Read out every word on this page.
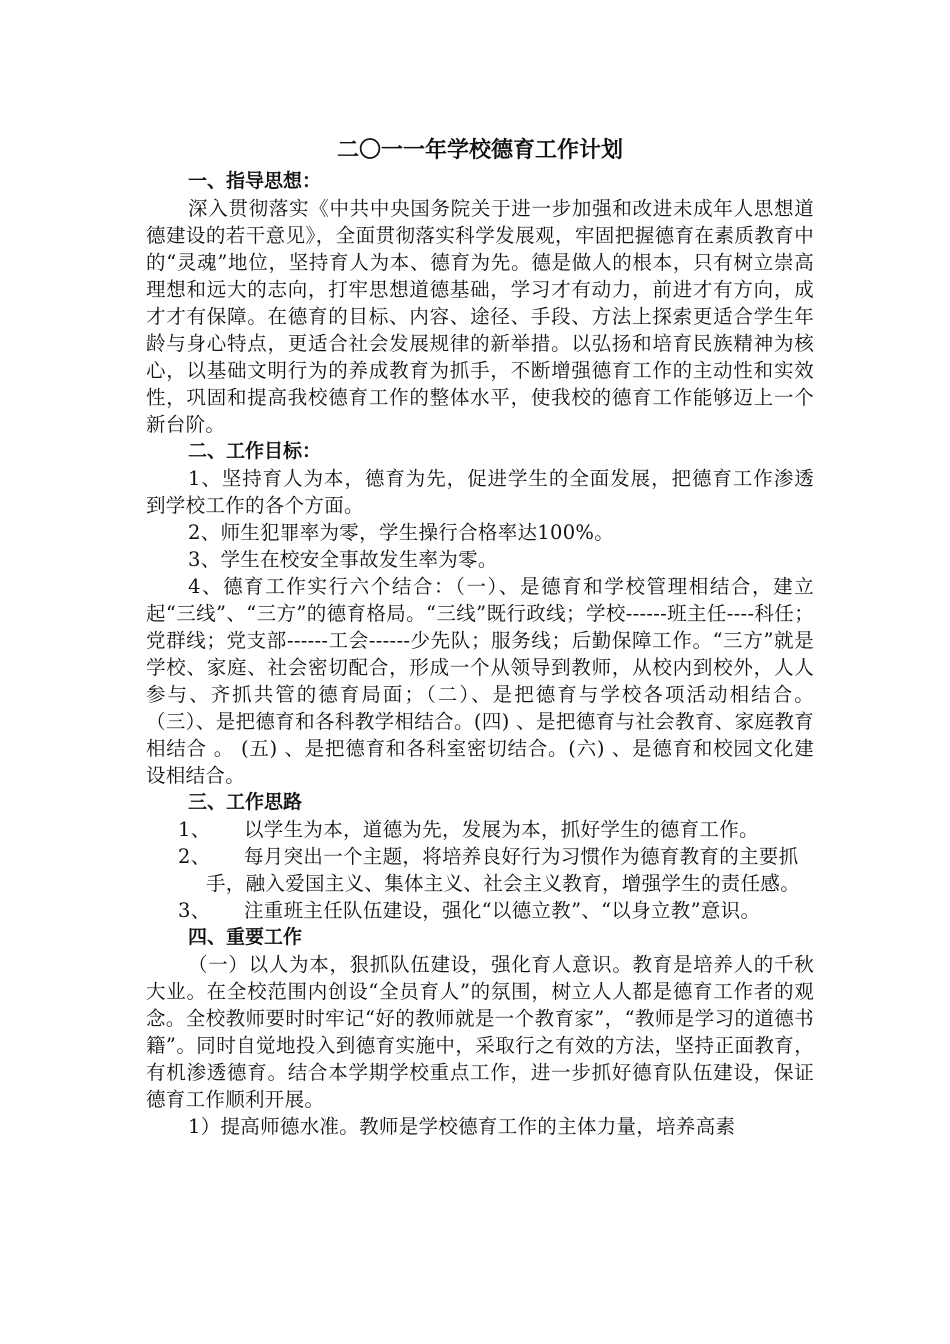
二〇一一年学校德育工作计划

一、指导思想：

深入贯彻落实《中共中央国务院关于进一步加强和改进未成年人思想道德建设的若干意见》，全面贯彻落实科学发展观，牢固把握德育在素质教育中的“灵魂”地位，坚持育人为本、德育为先。德是做人的根本，只有树立崇高理想和远大的志向，打牢思想道德基础，学习才有动力，前进才有方向，成才才有保障。在德育的目标、内容、途径、手段、方法上探索更适合学生年龄与身心特点，更适合社会发展规律的新举措。以弘扬和培育民族精神为核心，以基础文明行为的养成教育为抓手，不断增强德育工作的主动性和实效性，巩固和提高我校德育工作的整体水平，使我校的德育工作能够迈上一个新台阶。

二、工作目标：

1、坚持育人为本，德育为先，促进学生的全面发展，把德育工作渗透到学校工作的各个方面。

2、师生犯罪率为零，学生操行合格率达100%。

3、学生在校安全事故发生率为零。

4、德育工作实行六个结合：（一）、是德育和学校管理相结合，建立起“三线”、“三方”的德育格局。“三线”既行政线；学校------班主任----科任；党群线；党支部------工会------少先队；服务线；后勤保障工作。“三方”就是学校、家庭、社会密切配合，形成一个从领导到教师，从校内到校外，人人参与、齐抓共管的德育局面；（二）、是把德育与学校各项活动相结合。（三）、是把德育和各科教学相结合。(四) 、是把德育与社会教育、家庭教育相结合 。 (五) 、是把德育和各科室密切结合。(六) 、是德育和校园文化建设相结合。

三、工作思路

1、	以学生为本，道德为先，发展为本，抓好学生的德育工作。
2、	每月突出一个主题，将培养良好行为习惯作为德育教育的主要抓手，融入爱国主义、集体主义、社会主义教育，增强学生的责任感。
3、	注重班主任队伍建设，强化“以德立教”、“以身立教”意识。

四、重要工作

（一）以人为本，狠抓队伍建设，强化育人意识。教育是培养人的千秋大业。在全校范围内创设“全员育人”的氛围，树立人人都是德育工作者的观念。全校教师要时时牢记“好的教师就是一个教育家”，“教师是学习的道德书籍”。同时自觉地投入到德育实施中，采取行之有效的方法，坚持正面教育，有机渗透德育。结合本学期学校重点工作，进一步抓好德育队伍建设，保证德育工作顺利开展。

1）提高师德水准。教师是学校德育工作的主体力量，培养高素
